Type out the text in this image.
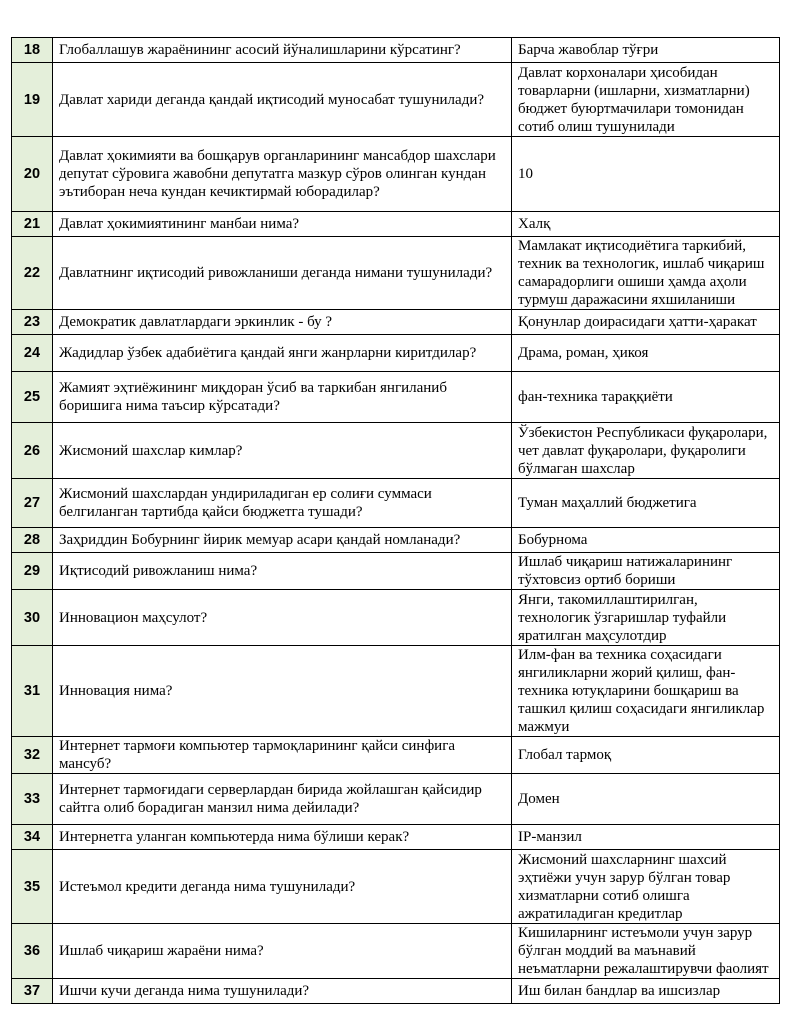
18	Глобаллашув жараёнининг асосий йўналишларини кўрсатинг?	Барча жавоблар тўғри
19	Давлат хариди деганда қандай иқтисодий муносабат тушунилади?	Давлат корхоналари ҳисобидан товарларни (ишларни, хизматларни) бюджет буюртмачилари томонидан сотиб олиш тушунилади
20	Давлат ҳокимияти ва бошқарув органларининг мансабдор шахслари депутат сўровига жавобни депутатга мазкур сўров олинган кундан эътиборан неча кундан кечиктирмай юборадилар?	10
21	Давлат ҳокимиятининг манбаи нима?	Халқ
22	Давлатнинг иқтисодий ривожланиши деганда нимани тушунилади?	Мамлакат иқтисодиётига таркибий, техник ва технологик, ишлаб чиқариш самарадорлиги ошиши ҳамда аҳоли турмуш даражасини яхшиланиши
23	Демократик давлатлардаги эркинлик - бу ?	Қонунлар доирасидаги ҳатти-ҳаракат
24	Жадидлар ўзбек адабиётига қандай янги жанрларни киритдилар?	Драма, роман, ҳикоя
25	Жамият эҳтиёжининг миқдоран ўсиб ва таркибан янгиланиб боришига нима таъсир кўрсатади?	фан-техника тараққиёти
26	Жисмоний шахслар кимлар?	Ўзбекистон Республикаси фуқаролари, чет давлат фуқаролари, фуқаролиги бўлмаган шахслар
27	Жисмоний шахслардан ундириладиган ер солиғи суммаси белгиланган тартибда қайси бюджетга тушади?	Туман маҳаллий бюджетига
28	Заҳриддин Бобурнинг йирик мемуар асари қандай номланади?	Бобурнома
29	Иқтисодий ривожланиш нима?	Ишлаб чиқариш натижаларининг тўхтовсиз ортиб бориши
30	Инновацион маҳсулот?	Янги, такомиллаштирилган, технологик ўзгаришлар туфайли яратилган маҳсулотдир
31	Инновация нима?	Илм-фан ва техника соҳасидаги янгиликларни жорий қилиш, фан-техника ютуқларини бошқариш ва ташкил қилиш соҳасидаги янгиликлар мажмуи
32	Интернет тармоғи компьютер тармоқларининг қайси синфига мансуб?	Глобал тармоқ
33	Интернет тармоғидаги серверлардан бирида жойлашган қайсидир сайтга олиб борадиган манзил нима дейилади?	Домен
34	Интернетга уланган компьютерда нима бўлиши керак?	IP-манзил
35	Истеъмол кредити деганда нима тушунилади?	Жисмоний шахсларнинг шахсий эҳтиёжи учун зарур бўлган товар хизматларни сотиб олишга ажратиладиган кредитлар
36	Ишлаб чиқариш жараёни нима?	Кишиларнинг истеъмоли учун зарур бўлган моддий ва маънавий неъматларни режалаштирувчи фаолият
37	Ишчи кучи деганда нима тушунилади?	Иш билан бандлар ва ишсизлар
